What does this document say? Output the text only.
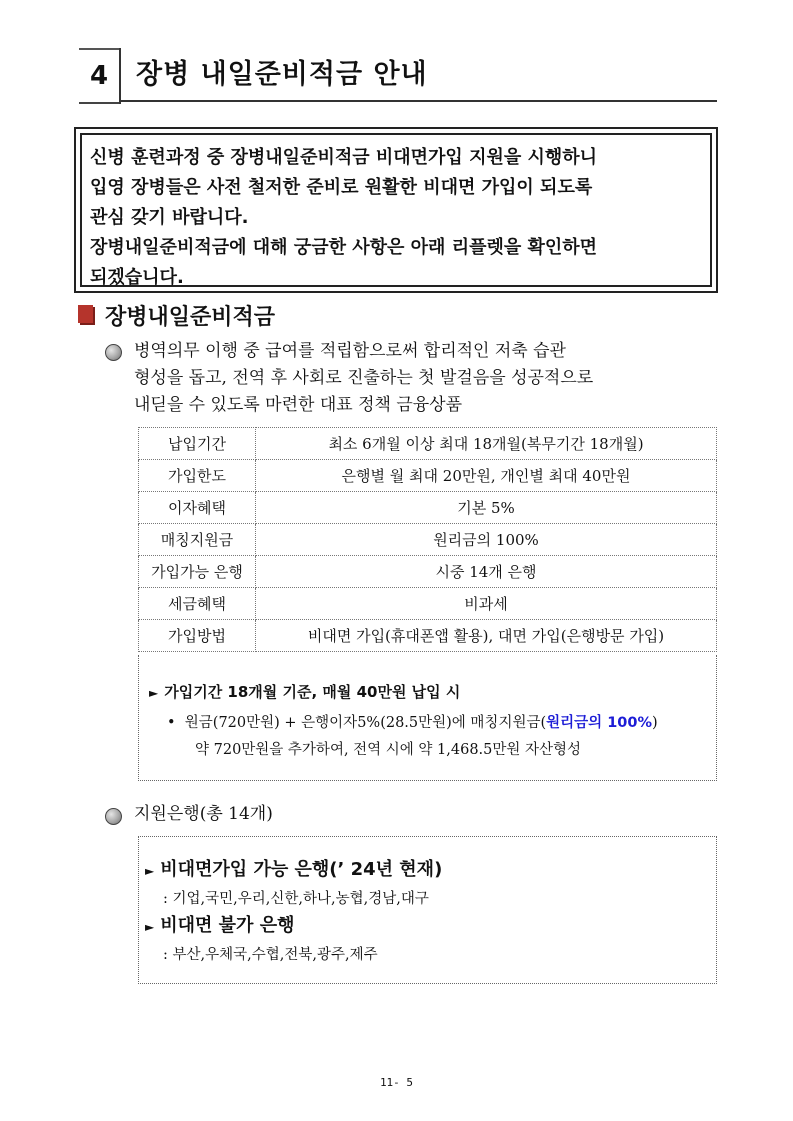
4	장병 내일준비적금 안내

신병 훈련과정 중 장병내일준비적금 비대면가입 지원을 시행하니

입영 장병들은 사전 철저한 준비로 원활한 비대면 가입이 되도록

관심 갖기 바랍니다.

장병내일준비적금에 대해 궁금한 사항은 아래 리플렛을 확인하면

되겠습니다.

장병내일준비적금
병역의무 이행 중 급여를 적립함으로써 합리적인 저축 습관
형성을 돕고, 전역 후 사회로 진출하는 첫 발걸음을 성공적으로
내딛을 수 있도록 마련한 대표 정책 금융상품
납입기간	최소 6개월 이상 최대 18개월(복무기간 18개월)
가입한도	은행별 월 최대 20만원, 개인별 최대 40만원
이자혜택	기본 5%
매칭지원금	원리금의 100%
가입가능 은행	시중 14개 은행
세금혜택	비과세
가입방법	비대면 가입(휴대폰앱 활용), 대면 가입(은행방문 가입)
► 가입기간 18개월 기준, 매월 40만원 납입 시
• 원금(720만원) + 은행이자5%(28.5만원)에 매칭지원금(원리금의 100%)
약 720만원을 추가하여, 전역 시에 약 1,468.5만원 자산형성
지원은행(총 14개)
► 비대면가입 가능 은행(’ 24년 현재)
: 기업,국민,우리,신한,하나,농협,경남,대구
► 비대면 불가 은행
: 부산,우체국,수협,전북,광주,제주
11- 5
